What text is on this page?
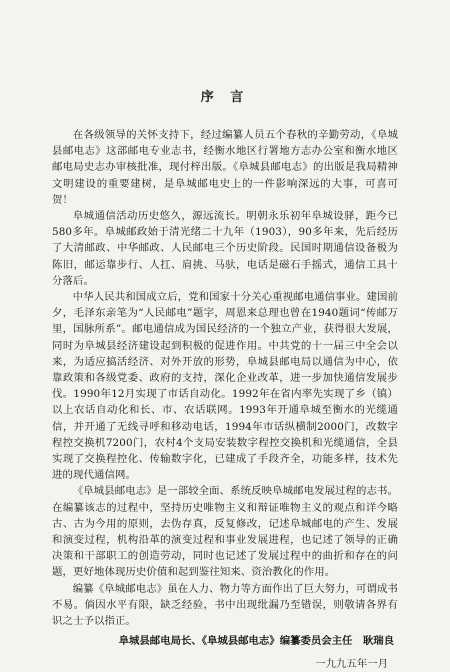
序 言

在各级领导的关怀支持下，经过编纂人员五个春秋的辛勤劳动，《阜城县邮电志》这部邮电专业志书，经衡水地区行署地方志办公室和衡水地区邮电局史志办审核批准，现付梓出版。《阜城县邮电志》的出版是我局精神文明建设的重要建树，是阜城邮电史上的一件影响深远的大事，可喜可贺！

阜城通信活动历史悠久，源远流长。明朝永乐初年阜城设驿，距今已580多年。阜城邮政始于清光绪二十九年（1903），90多年来，先后经历了大清邮政、中华邮政、人民邮电三个历史阶段。民国时期通信设备极为陈旧，邮运靠步行、人扛、肩挑、马驮，电话是磁石手摇式，通信工具十分落后。

中华人民共和国成立后，党和国家十分关心重视邮电通信事业。建国前夕，毛泽东亲笔为“人民邮电”题字，周恩来总理也曾在1940题词“传邮万里，国脉所系”。邮电通信成为国民经济的一个独立产业，获得很大发展，同时为阜城县经济建设起到积极的促进作用。中共党的十一届三中全会以来，为适应搞活经济、对外开放的形势，阜城县邮电局以通信为中心，依靠政策和各级党委、政府的支持，深化企业改革，进一步加快通信发展步伐。1990年12月实现了市话自动化。1992年在省内率先实现了乡（镇）以上农话自动化和长、市、农话联网。1993年开通阜城至衡水的光缆通信，并开通了无线寻呼和移动电话，1994年市话纵横制2000门，改数字程控交换机7200门，农村4个支局安装数字程控交换机和光缆通信，全县实现了交换程控化、传输数字化，已建成了手段齐全，功能多样，技术先进的现代通信网。

《阜城县邮电志》是一部较全面、系统反映阜城邮电发展过程的志书。在编纂该志的过程中，坚持历史唯物主义和辩证唯物主义的观点和详今略古、古为今用的原则，去伪存真，反复修改，记述阜城邮电的产生、发展和演变过程，机构沿革的演变过程和事业发展进程，也记述了领导的正确决策和干部职工的创造劳动，同时也记述了发展过程中的曲折和存在的问题，更好地体现历史价值和起到鉴往知来、资治教化的作用。

编纂《阜城邮电志》虽在人力、物力等方面作出了巨大努力，可谓成书不易。倘因水平有限，缺乏经验，书中出现纰漏乃至错误，则敬请各界有识之士予以指正。

阜城县邮电局长、《阜城县邮电志》编纂委员会主任　耿瑞良

一九九五年一月
